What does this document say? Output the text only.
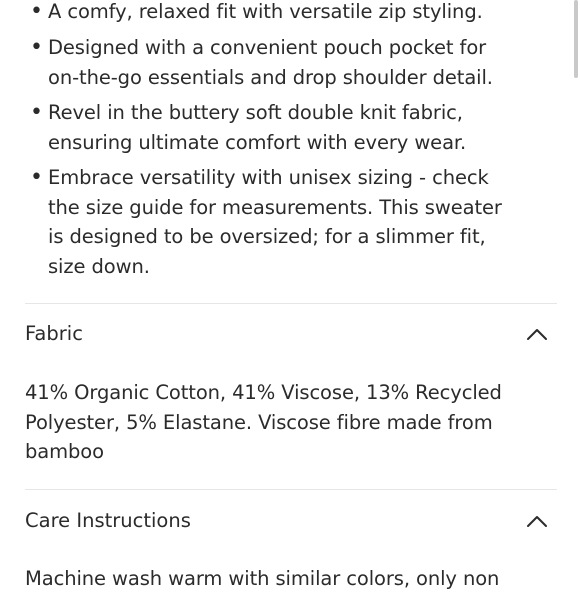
• A comfy, relaxed fit with versatile zip styling.
• Designed with a convenient pouch pocket for on-the-go essentials and drop shoulder detail.
• Revel in the buttery soft double knit fabric, ensuring ultimate comfort with every wear.
• Embrace versatility with unisex sizing - check the size guide for measurements. This sweater is designed to be oversized; for a slimmer fit, size down.
Fabric
41% Organic Cotton, 41% Viscose, 13% Recycled Polyester, 5% Elastane. Viscose fibre made from bamboo
Care Instructions
Machine wash warm with similar colors, only non
